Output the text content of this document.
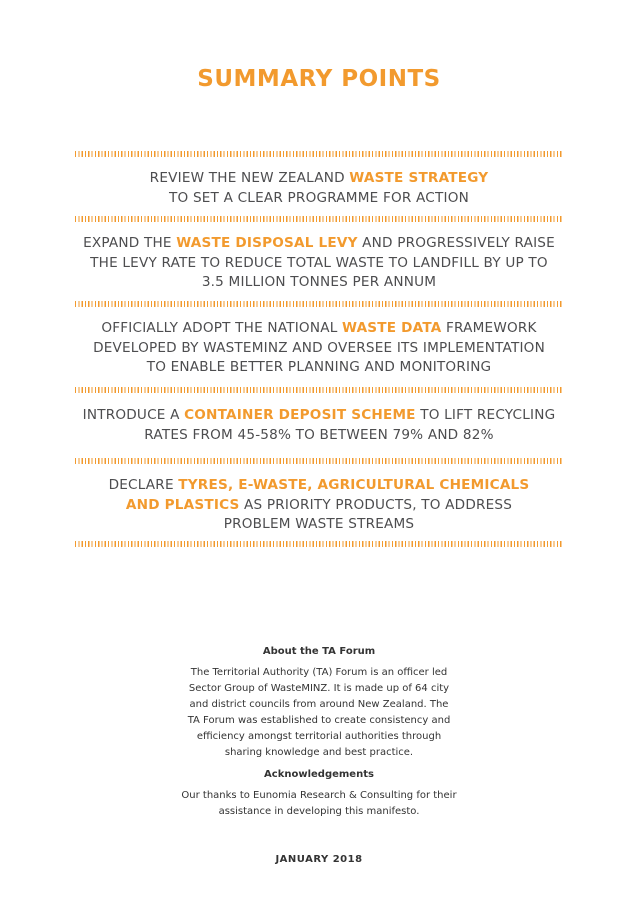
SUMMARY POINTS
REVIEW THE NEW ZEALAND WASTE STRATEGY
TO SET A CLEAR PROGRAMME FOR ACTION
EXPAND THE WASTE DISPOSAL LEVY AND PROGRESSIVELY RAISE
THE LEVY RATE TO REDUCE TOTAL WASTE TO LANDFILL BY UP TO
3.5 MILLION TONNES PER ANNUM
OFFICIALLY ADOPT THE NATIONAL WASTE DATA FRAMEWORK
DEVELOPED BY WASTEMINZ AND OVERSEE ITS IMPLEMENTATION
TO ENABLE BETTER PLANNING AND MONITORING
INTRODUCE A CONTAINER DEPOSIT SCHEME TO LIFT RECYCLING
RATES FROM 45-58% TO BETWEEN 79% AND 82%
DECLARE TYRES, E-WASTE, AGRICULTURAL CHEMICALS
AND PLASTICS AS PRIORITY PRODUCTS, TO ADDRESS
PROBLEM WASTE STREAMS
About the TA Forum
The Territorial Authority (TA) Forum is an officer led
Sector Group of WasteMINZ. It is made up of 64 city
and district councils from around New Zealand. The
TA Forum was established to create consistency and
efficiency amongst territorial authorities through
sharing knowledge and best practice.
Acknowledgements
Our thanks to Eunomia Research & Consulting for their
assistance in developing this manifesto.
JANUARY 2018
